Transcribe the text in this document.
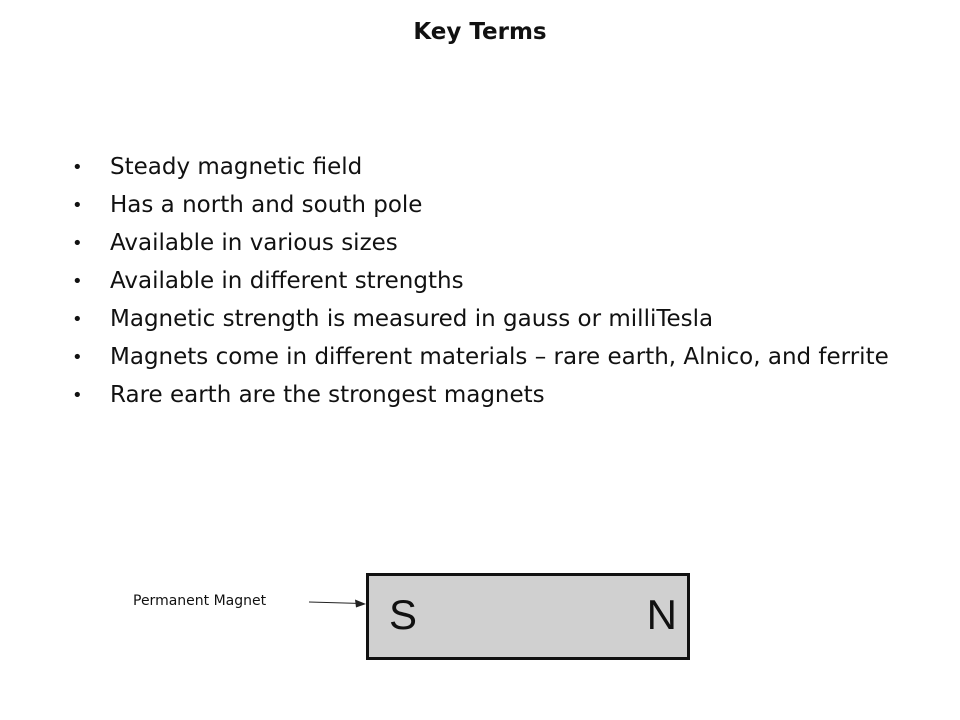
Key Terms
• Steady magnetic field
• Has a north and south pole
• Available in various sizes
• Available in different strengths
• Magnetic strength is measured in gauss or milliTesla
• Magnets come in different materials – rare earth, Alnico, and ferrite
• Rare earth are the strongest magnets
Permanent Magnet	S	N
